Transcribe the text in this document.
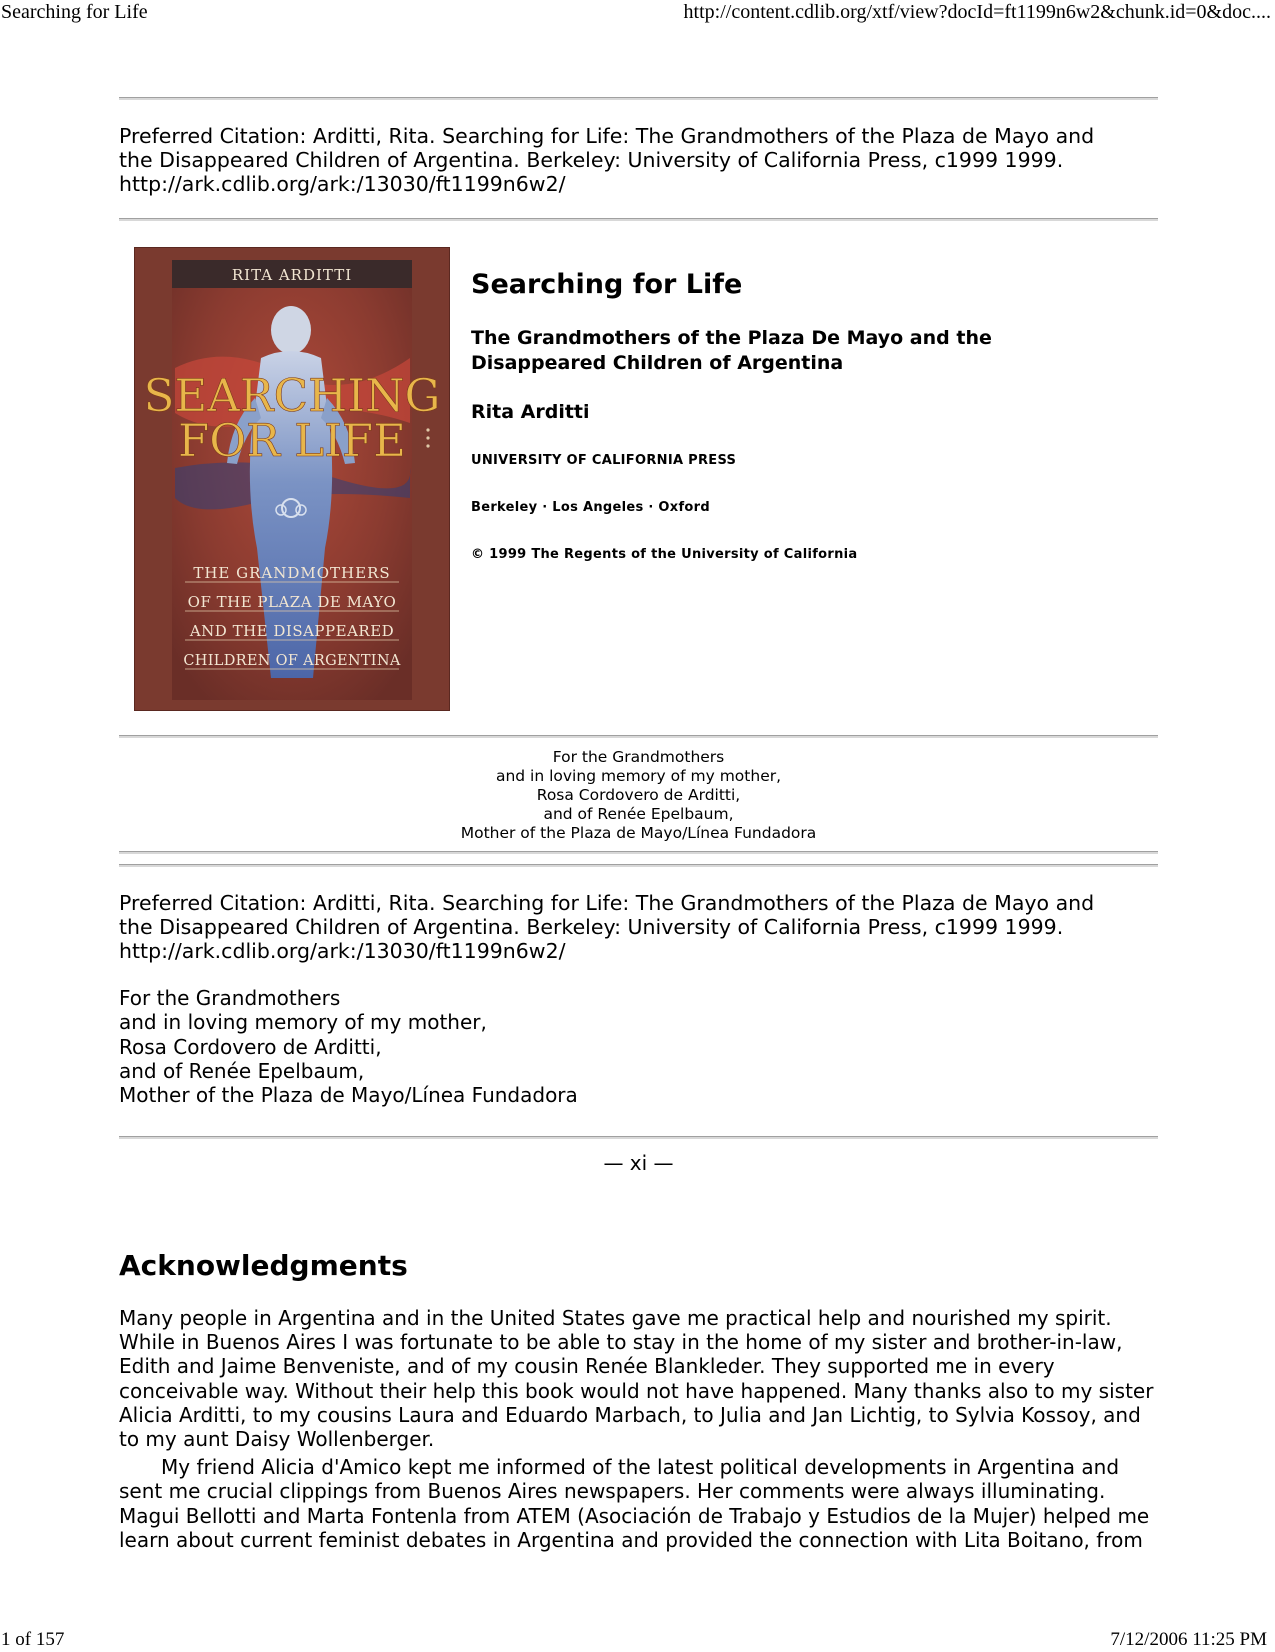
Searching for Life	http://content.cdlib.org/xtf/view?docId=ft1199n6w2&chunk.id=0&doc....
Preferred Citation: Arditti, Rita. Searching for Life: The Grandmothers of the Plaza de Mayo and
the Disappeared Children of Argentina. Berkeley: University of California Press, c1999 1999.
http://ark.cdlib.org/ark:/13030/ft1199n6w2/
RITA ARDITTI
SEARCHING
FOR LIFE
THE GRANDMOTHERS
OF THE PLAZA DE MAYO
AND THE DISAPPEARED
CHILDREN OF ARGENTINA
Searching for Life
The Grandmothers of the Plaza De Mayo and the
Disappeared Children of Argentina
Rita Arditti
UNIVERSITY OF CALIFORNIA PRESS
Berkeley · Los Angeles · Oxford
© 1999 The Regents of the University of California
For the Grandmothers
and in loving memory of my mother,
Rosa Cordovero de Arditti,
and of Renée Epelbaum,
Mother of the Plaza de Mayo/Línea Fundadora
Preferred Citation: Arditti, Rita. Searching for Life: The Grandmothers of the Plaza de Mayo and
the Disappeared Children of Argentina. Berkeley: University of California Press, c1999 1999.
http://ark.cdlib.org/ark:/13030/ft1199n6w2/
For the Grandmothers
and in loving memory of my mother,
Rosa Cordovero de Arditti,
and of Renée Epelbaum,
Mother of the Plaza de Mayo/Línea Fundadora
— xi —
Acknowledgments
Many people in Argentina and in the United States gave me practical help and nourished my spirit.
While in Buenos Aires I was fortunate to be able to stay in the home of my sister and brother-in-law,
Edith and Jaime Benveniste, and of my cousin Renée Blankleder. They supported me in every
conceivable way. Without their help this book would not have happened. Many thanks also to my sister
Alicia Arditti, to my cousins Laura and Eduardo Marbach, to Julia and Jan Lichtig, to Sylvia Kossoy, and
to my aunt Daisy Wollenberger.
My friend Alicia d'Amico kept me informed of the latest political developments in Argentina and
sent me crucial clippings from Buenos Aires newspapers. Her comments were always illuminating.
Magui Bellotti and Marta Fontenla from ATEM (Asociación de Trabajo y Estudios de la Mujer) helped me
learn about current feminist debates in Argentina and provided the connection with Lita Boitano, from
1 of 157	7/12/2006 11:25 PM
